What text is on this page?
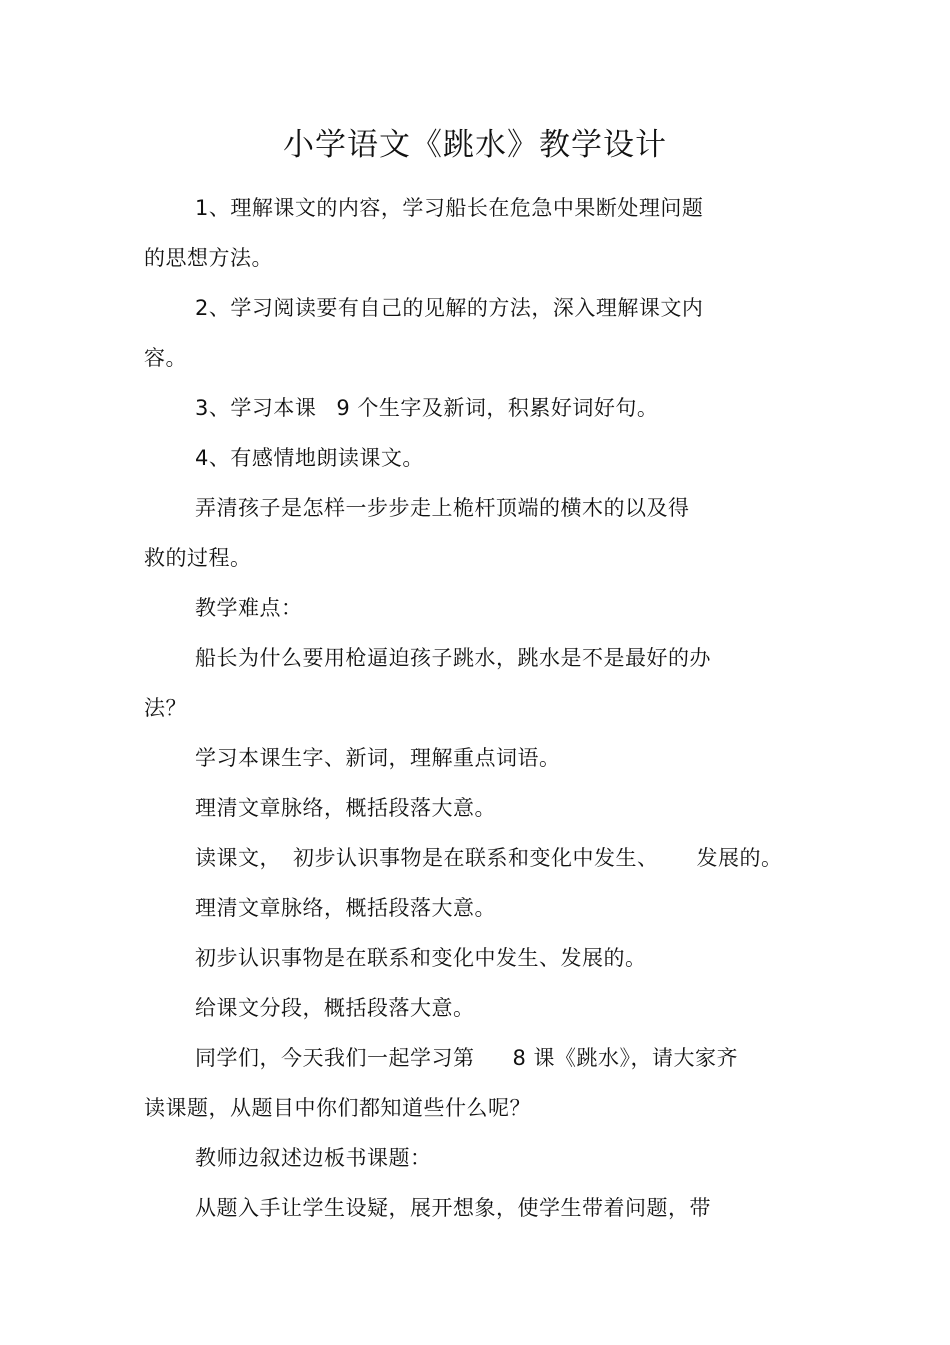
小学语文《跳水》教学设计
1、理解课文的内容，学习船长在危急中果断处理问题
的思想方法。
2、学习阅读要有自己的见解的方法，深入理解课文内
容。
3、学习本课 9 个生字及新词，积累好词好句。
4、有感情地朗读课文。
弄清孩子是怎样一步步走上桅杆顶端的横木的以及得
救的过程。
教学难点：
船长为什么要用枪逼迫孩子跳水，跳水是不是最好的办
法？
学习本课生字、新词，理解重点词语。
理清文章脉络，概括段落大意。
读课文， 初步认识事物是在联系和变化中发生、 发展的。
理清文章脉络，概括段落大意。
初步认识事物是在联系和变化中发生、发展的。
给课文分段，概括段落大意。
同学们，今天我们一起学习第 8 课《跳水》，请大家齐
读课题，从题目中你们都知道些什么呢？
教师边叙述边板书课题：
从题入手让学生设疑，展开想象，使学生带着问题，带
